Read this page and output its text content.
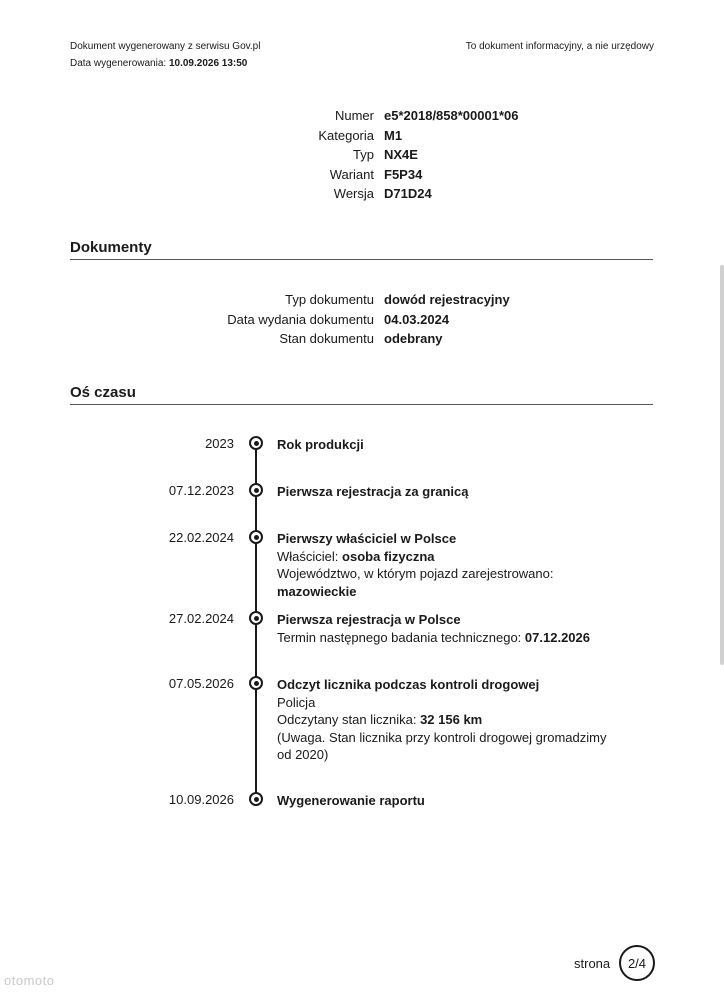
Dokument wygenerowany z serwisu Gov.pl
Data wygenerowania: 10.09.2026 13:50
To dokument informacyjny, a nie urzędowy
Numer e5*2018/858*00001*06
Kategoria M1
Typ NX4E
Wariant F5P34
Wersja D71D24
Dokumenty
Typ dokumentu dowód rejestracyjny
Data wydania dokumentu 04.03.2024
Stan dokumentu odebrany
Oś czasu
2023	Rok produkcji
07.12.2023	Pierwsza rejestracja za granicą
22.02.2024	Pierwszy właściciel w Polsce
Właściciel: osoba fizyczna
Województwo, w którym pojazd zarejestrowano: mazowieckie
27.02.2024	Pierwsza rejestracja w Polsce
Termin następnego badania technicznego: 07.12.2026
07.05.2026	Odczyt licznika podczas kontroli drogowej
Policja
Odczytany stan licznika: 32 156 km
(Uwaga. Stan licznika przy kontroli drogowej gromadzimy od 2020)
10.09.2026	Wygenerowanie raportu
strona 2/4
otomoto
